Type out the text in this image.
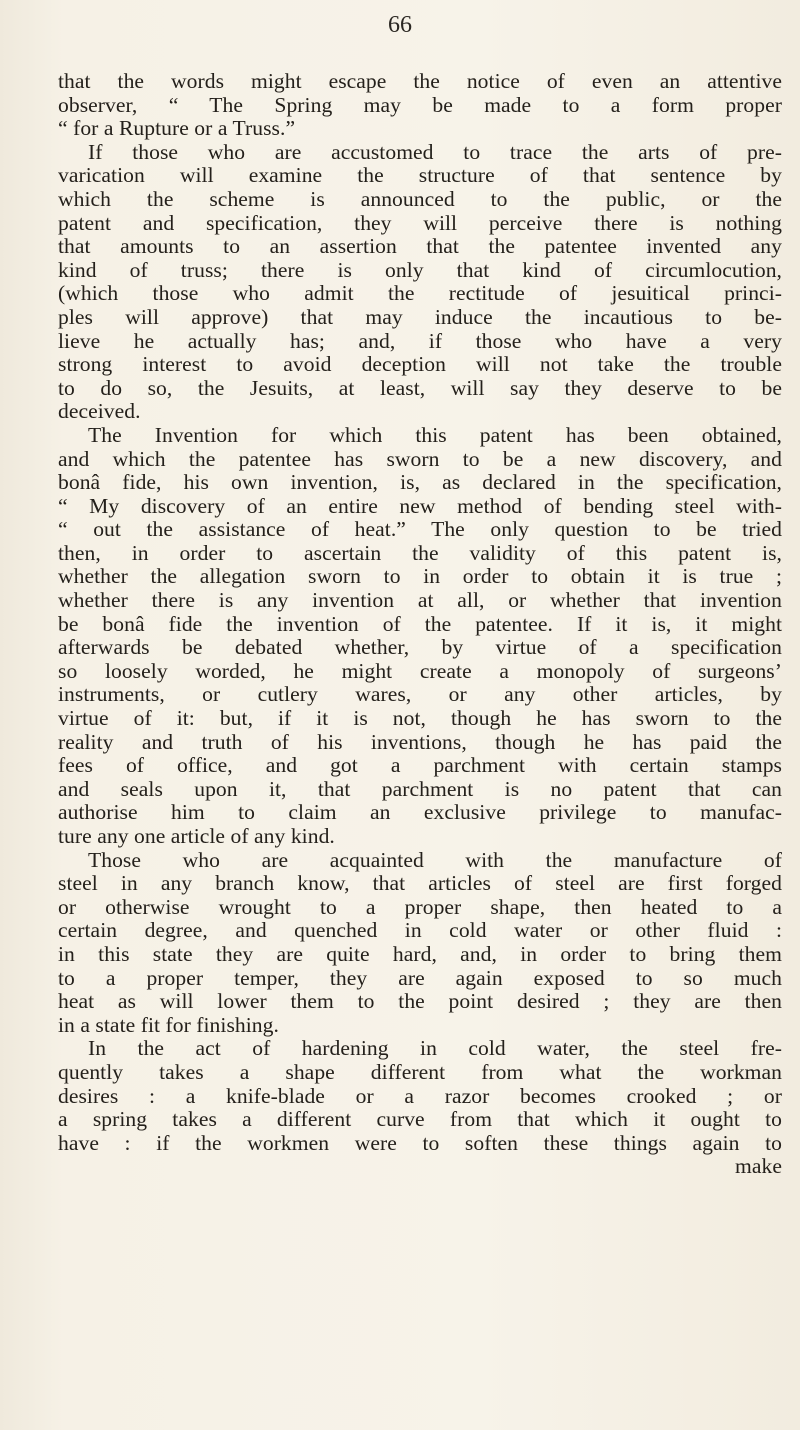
66
that the words might escape the notice of even an attentive
observer, “ The Spring may be made to a form proper
“ for a Rupture or a Truss.”
If those who are accustomed to trace the arts of pre-
varication will examine the structure of that sentence by
which the scheme is announced to the public, or the
patent and specification, they will perceive there is nothing
that amounts to an assertion that the patentee invented any
kind of truss; there is only that kind of circumlocution,
(which those who admit the rectitude of jesuitical princi-
ples will approve) that may induce the incautious to be-
lieve he actually has; and, if those who have a very
strong interest to avoid deception will not take the trouble
to do so, the Jesuits, at least, will say they deserve to be
deceived.
The Invention for which this patent has been obtained,
and which the patentee has sworn to be a new discovery, and
bonâ fide, his own invention, is, as declared in the specification,
“ My discovery of an entire new method of bending steel with-
“ out the assistance of heat.” The only question to be tried
then, in order to ascertain the validity of this patent is,
whether the allegation sworn to in order to obtain it is true ;
whether there is any invention at all, or whether that invention
be bonâ fide the invention of the patentee. If it is, it might
afterwards be debated whether, by virtue of a specification
so loosely worded, he might create a monopoly of surgeons’
instruments, or cutlery wares, or any other articles, by
virtue of it: but, if it is not, though he has sworn to the
reality and truth of his inventions, though he has paid the
fees of office, and got a parchment with certain stamps
and seals upon it, that parchment is no patent that can
authorise him to claim an exclusive privilege to manufac-
ture any one article of any kind.
Those who are acquainted with the manufacture of
steel in any branch know, that articles of steel are first forged
or otherwise wrought to a proper shape, then heated to a
certain degree, and quenched in cold water or other fluid :
in this state they are quite hard, and, in order to bring them
to a proper temper, they are again exposed to so much
heat as will lower them to the point desired ; they are then
in a state fit for finishing.
In the act of hardening in cold water, the steel fre-
quently takes a shape different from what the workman
desires : a knife-blade or a razor becomes crooked ; or
a spring takes a different curve from that which it ought to
have : if the workmen were to soften these things again to
make
